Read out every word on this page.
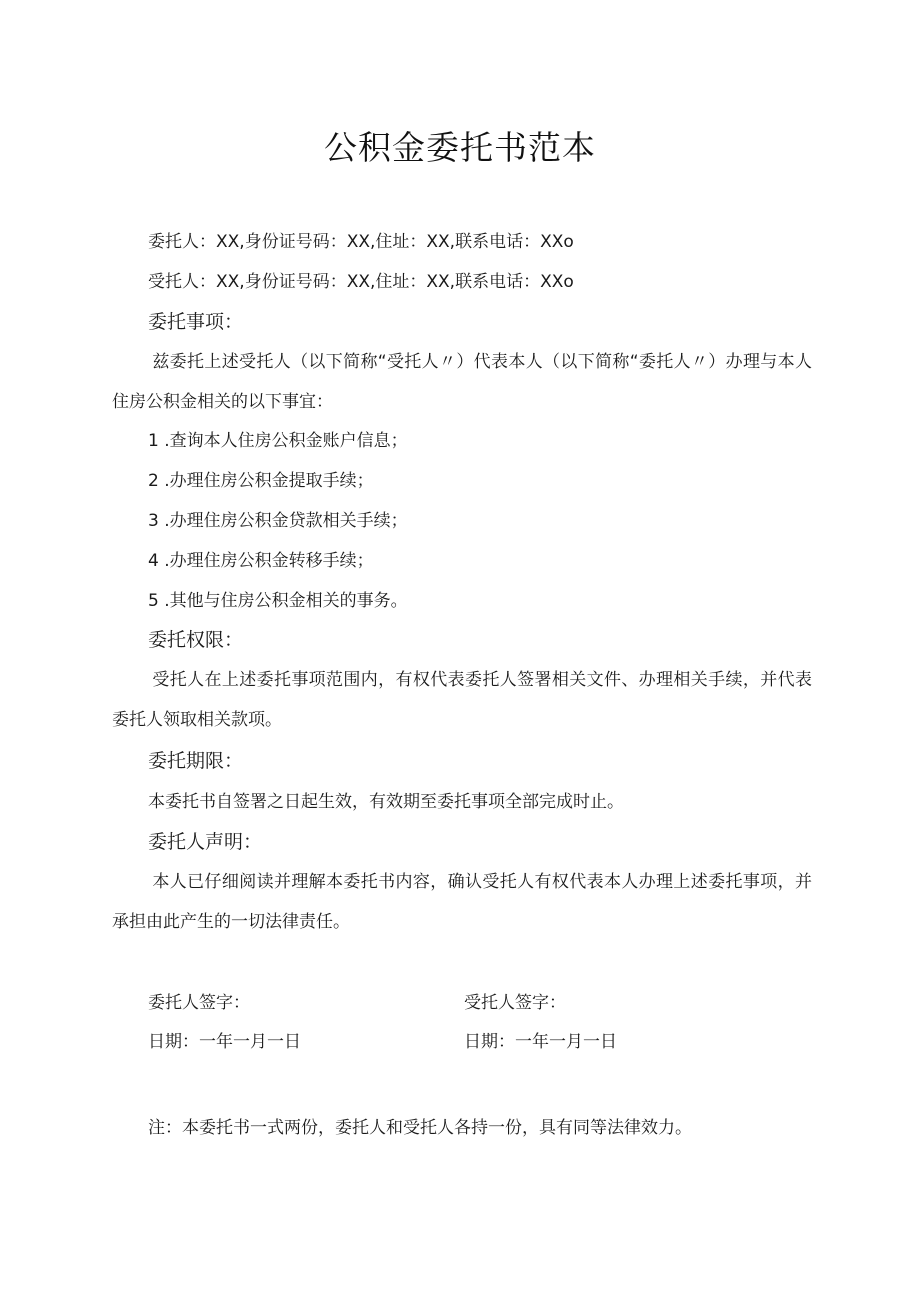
公积金委托书范本
委托人：XX,身份证号码：XX,住址：XX,联系电话：XXo
受托人：XX,身份证号码：XX,住址：XX,联系电话：XXo
委托事项：
兹委托上述受托人（以下简称“受托人〃）代表本人（以下简称“委托人〃）办理与本人住房公积金相关的以下事宜：
1 .查询本人住房公积金账户信息；
2 .办理住房公积金提取手续；
3 .办理住房公积金贷款相关手续；
4 .办理住房公积金转移手续；
5 .其他与住房公积金相关的事务。
委托权限：
受托人在上述委托事项范围内，有权代表委托人签署相关文件、办理相关手续，并代表委托人领取相关款项。
委托期限：
本委托书自签署之日起生效，有效期至委托事项全部完成时止。
委托人声明：
本人已仔细阅读并理解本委托书内容，确认受托人有权代表本人办理上述委托事项，并承担由此产生的一切法律责任。
委托人签字：	受托人签字：
日期：一年一月一日	日期：一年一月一日
注：本委托书一式两份，委托人和受托人各持一份，具有同等法律效力。
